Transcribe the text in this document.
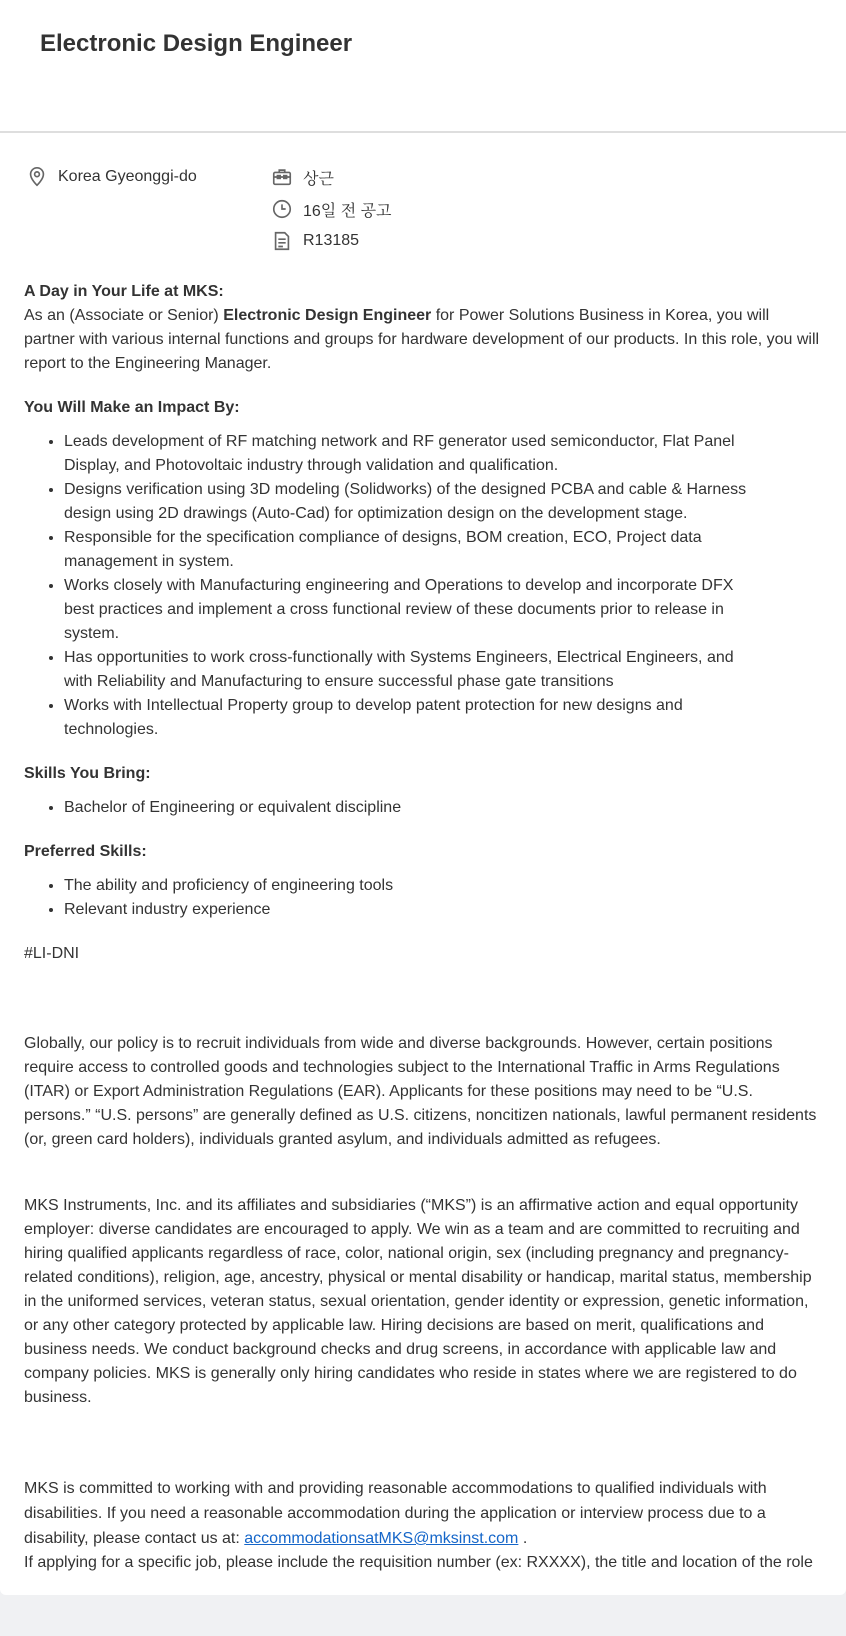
Electronic Design Engineer
Korea Gyeonggi-do	상근
16일 전 공고
R13185
A Day in Your Life at MKS:

As an (Associate or Senior) Electronic Design Engineer for Power Solutions Business in Korea, you will partner with various internal functions and groups for hardware development of our products. In this role, you will report to the Engineering Manager.

You Will Make an Impact By:
• Leads development of RF matching network and RF generator used semiconductor, Flat Panel Display, and Photovoltaic industry through validation and qualification.
• Designs verification using 3D modeling (Solidworks) of the designed PCBA and cable & Harness design using 2D drawings (Auto-Cad) for optimization design on the development stage.
• Responsible for the specification compliance of designs, BOM creation, ECO, Project data management in system.
• Works closely with Manufacturing engineering and Operations to develop and incorporate DFX best practices and implement a cross functional review of these documents prior to release in system.
• Has opportunities to work cross-functionally with Systems Engineers, Electrical Engineers, and with Reliability and Manufacturing to ensure successful phase gate transitions
• Works with Intellectual Property group to develop patent protection for new designs and technologies.
Skills You Bring:
• Bachelor of Engineering or equivalent discipline
Preferred Skills:
• The ability and proficiency of engineering tools
• Relevant industry experience

#LI-DNI

Globally, our policy is to recruit individuals from wide and diverse backgrounds. However, certain positions require access to controlled goods and technologies subject to the International Traffic in Arms Regulations (ITAR) or Export Administration Regulations (EAR). Applicants for these positions may need to be “U.S. persons.” “U.S. persons” are generally defined as U.S. citizens, noncitizen nationals, lawful permanent residents (or, green card holders), individuals granted asylum, and individuals admitted as refugees.

MKS Instruments, Inc. and its affiliates and subsidiaries (“MKS”) is an affirmative action and equal opportunity employer: diverse candidates are encouraged to apply. We win as a team and are committed to recruiting and hiring qualified applicants regardless of race, color, national origin, sex (including pregnancy and pregnancy-related conditions), religion, age, ancestry, physical or mental disability or handicap, marital status, membership in the uniformed services, veteran status, sexual orientation, gender identity or expression, genetic information, or any other category protected by applicable law. Hiring decisions are based on merit, qualifications and business needs. We conduct background checks and drug screens, in accordance with applicable law and company policies. MKS is generally only hiring candidates who reside in states where we are registered to do business.

MKS is committed to working with and providing reasonable accommodations to qualified individuals with disabilities. If you need a reasonable accommodation during the application or interview process due to a disability, please contact us at: accommodationsatMKS@mksinst.com .

If applying for a specific job, please include the requisition number (ex: RXXXX), the title and location of the role
